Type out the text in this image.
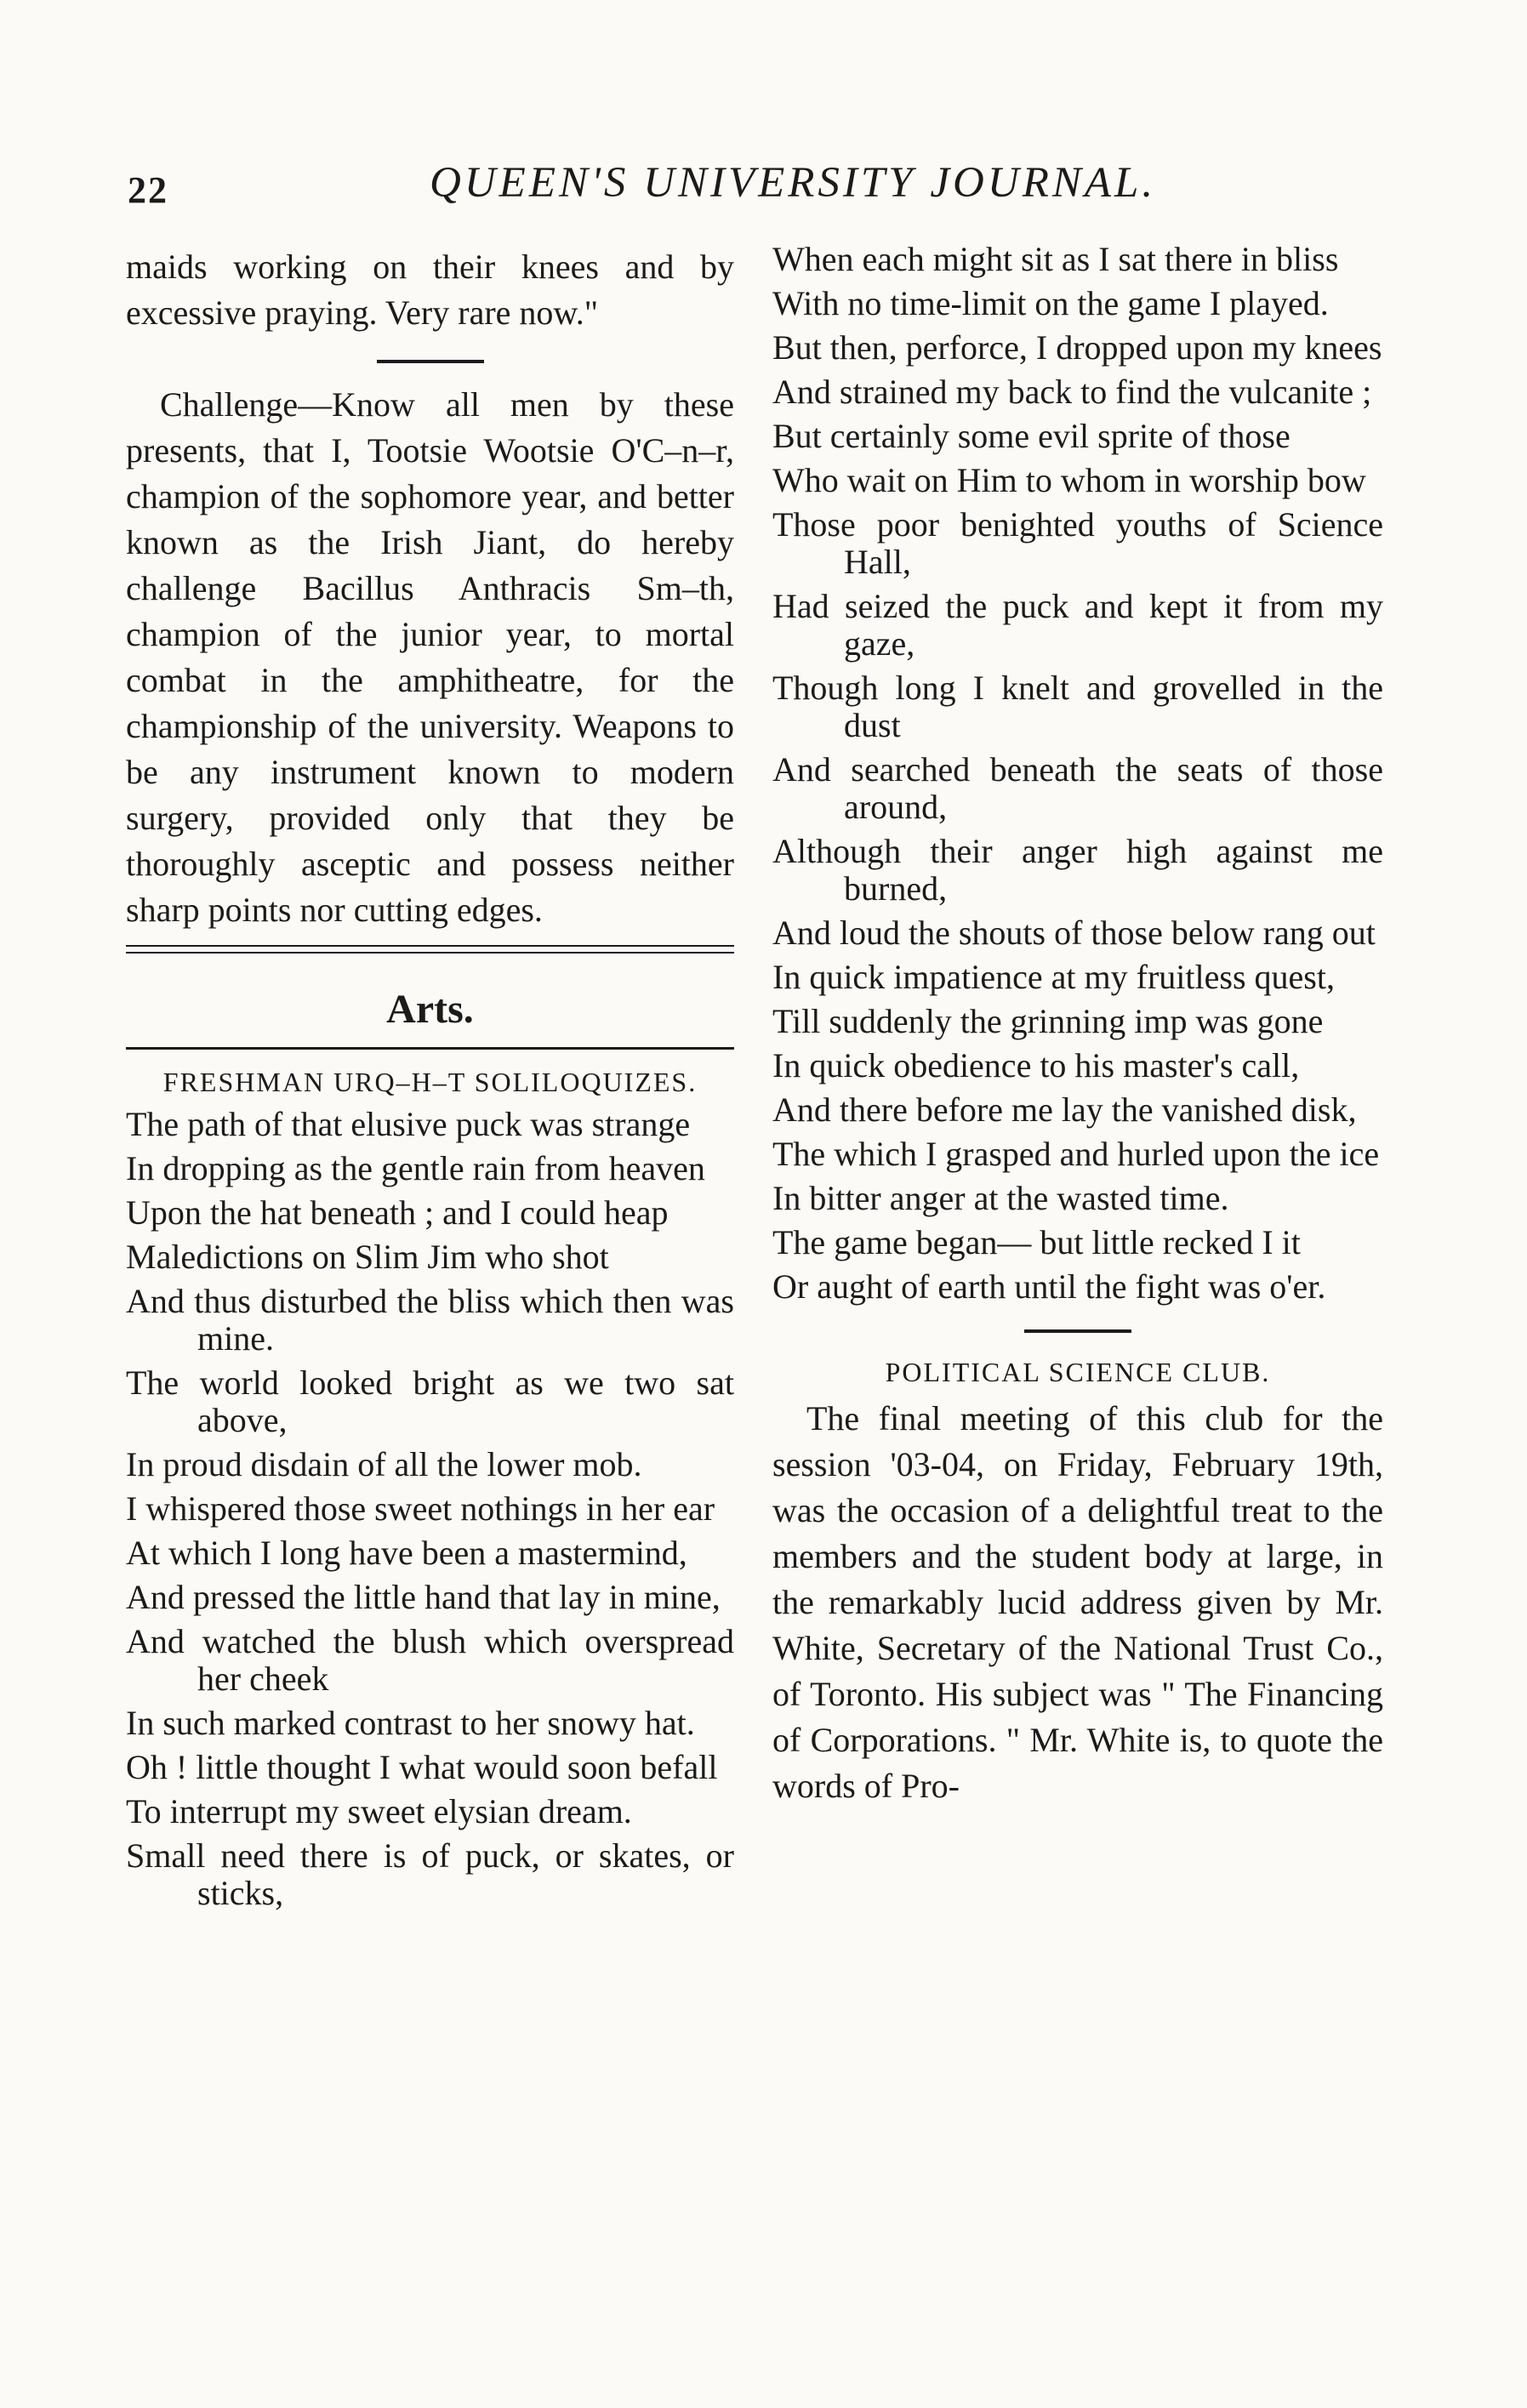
22	QUEEN'S UNIVERSITY JOURNAL.

maids working on their knees and by excessive praying. Very rare now."

Challenge—Know all men by these presents, that I, Tootsie Wootsie O'C–n–r, champion of the sophomore year, and better known as the Irish Jiant, do hereby challenge Bacillus Anthracis Sm–th, champion of the junior year, to mortal combat in the amphitheatre, for the championship of the university. Weapons to be any instrument known to modern surgery, provided only that they be thoroughly asceptic and possess neither sharp points nor cutting edges.

Arts.
FRESHMAN URQ–H–T SOLILOQUIZES.

The path of that elusive puck was strange

In dropping as the gentle rain from heaven

Upon the hat beneath ; and I could heap

Maledictions on Slim Jim who shot

And thus disturbed the bliss which then was mine.

The world looked bright as we two sat above,

In proud disdain of all the lower mob.

I whispered those sweet nothings in her ear

At which I long have been a mastermind,

And pressed the little hand that lay in mine,

And watched the blush which overspread her cheek

In such marked contrast to her snowy hat.

Oh ! little thought I what would soon befall

To interrupt my sweet elysian dream.

Small need there is of puck, or skates, or sticks,

When each might sit as I sat there in bliss

With no time-limit on the game I played.

But then, perforce, I dropped upon my knees

And strained my back to find the vulcanite ;

But certainly some evil sprite of those

Who wait on Him to whom in worship bow

Those poor benighted youths of Science Hall,

Had seized the puck and kept it from my gaze,

Though long I knelt and grovelled in the dust

And searched beneath the seats of those around,

Although their anger high against me burned,

And loud the shouts of those below rang out

In quick impatience at my fruitless quest,

Till suddenly the grinning imp was gone

In quick obedience to his master's call,

And there before me lay the vanished disk,

The which I grasped and hurled upon the ice

In bitter anger at the wasted time.

The game began— but little recked I it

Or aught of earth until the fight was o'er.

POLITICAL SCIENCE CLUB.

The final meeting of this club for the session '03-04, on Friday, February 19th, was the occasion of a delightful treat to the members and the student body at large, in the remarkably lucid address given by Mr. White, Secretary of the National Trust Co., of Toronto. His subject was " The Financing of Corporations. " Mr. White is, to quote the words of Pro-
